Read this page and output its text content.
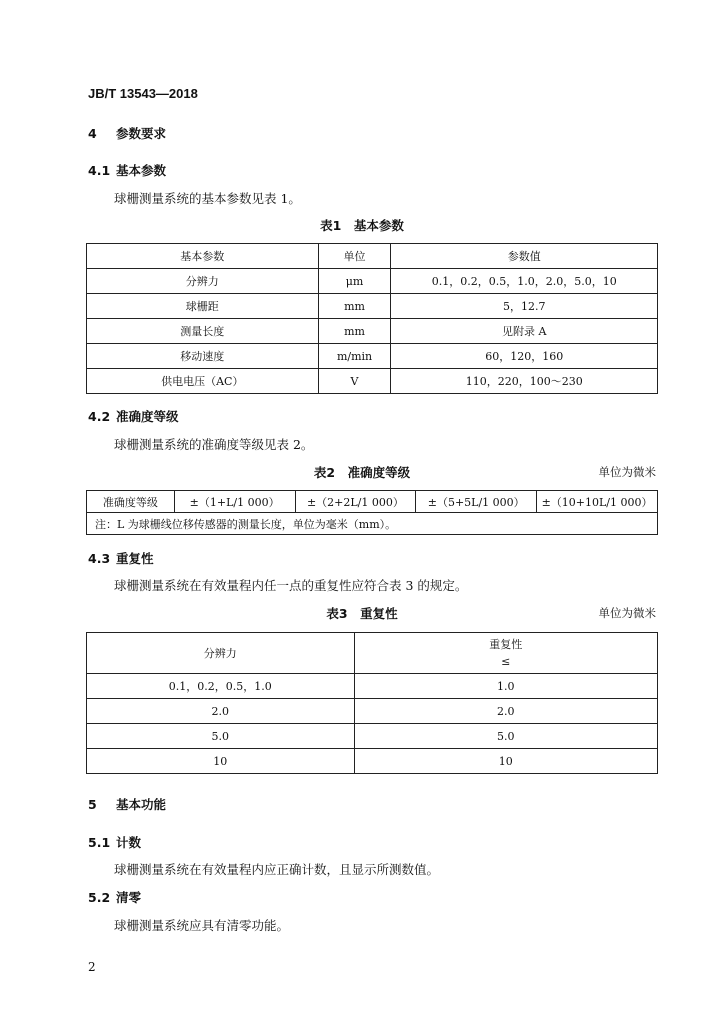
JB/T 13543—2018
4 参数要求
4.1 基本参数
球栅测量系统的基本参数见表 1。
表1　基本参数
基本参数	单位	参数值
分辨力	μm	0.1，0.2，0.5，1.0，2.0，5.0，10
球栅距	mm	5，12.7
测量长度	mm	见附录 A
移动速度	m/min	60，120，160
供电电压（AC）	V	110，220，100～230
4.2 准确度等级
球栅测量系统的准确度等级见表 2。
表2　准确度等级	单位为微米
准确度等级	±（1+L/1 000）	±（2+2L/1 000）	±（5+5L/1 000）	±（10+10L/1 000）
注：L 为球栅线位移传感器的测量长度，单位为毫米（mm）。
4.3 重复性
球栅测量系统在有效量程内任一点的重复性应符合表 3 的规定。
表3　重复性	单位为微米
分辨力	重复性
≤

0.1，0.2，0.5，1.0	1.0
2.0	2.0
5.0	5.0
10	10
5 基本功能
5.1 计数
球栅测量系统在有效量程内应正确计数，且显示所测数值。
5.2 清零
球栅测量系统应具有清零功能。
2
